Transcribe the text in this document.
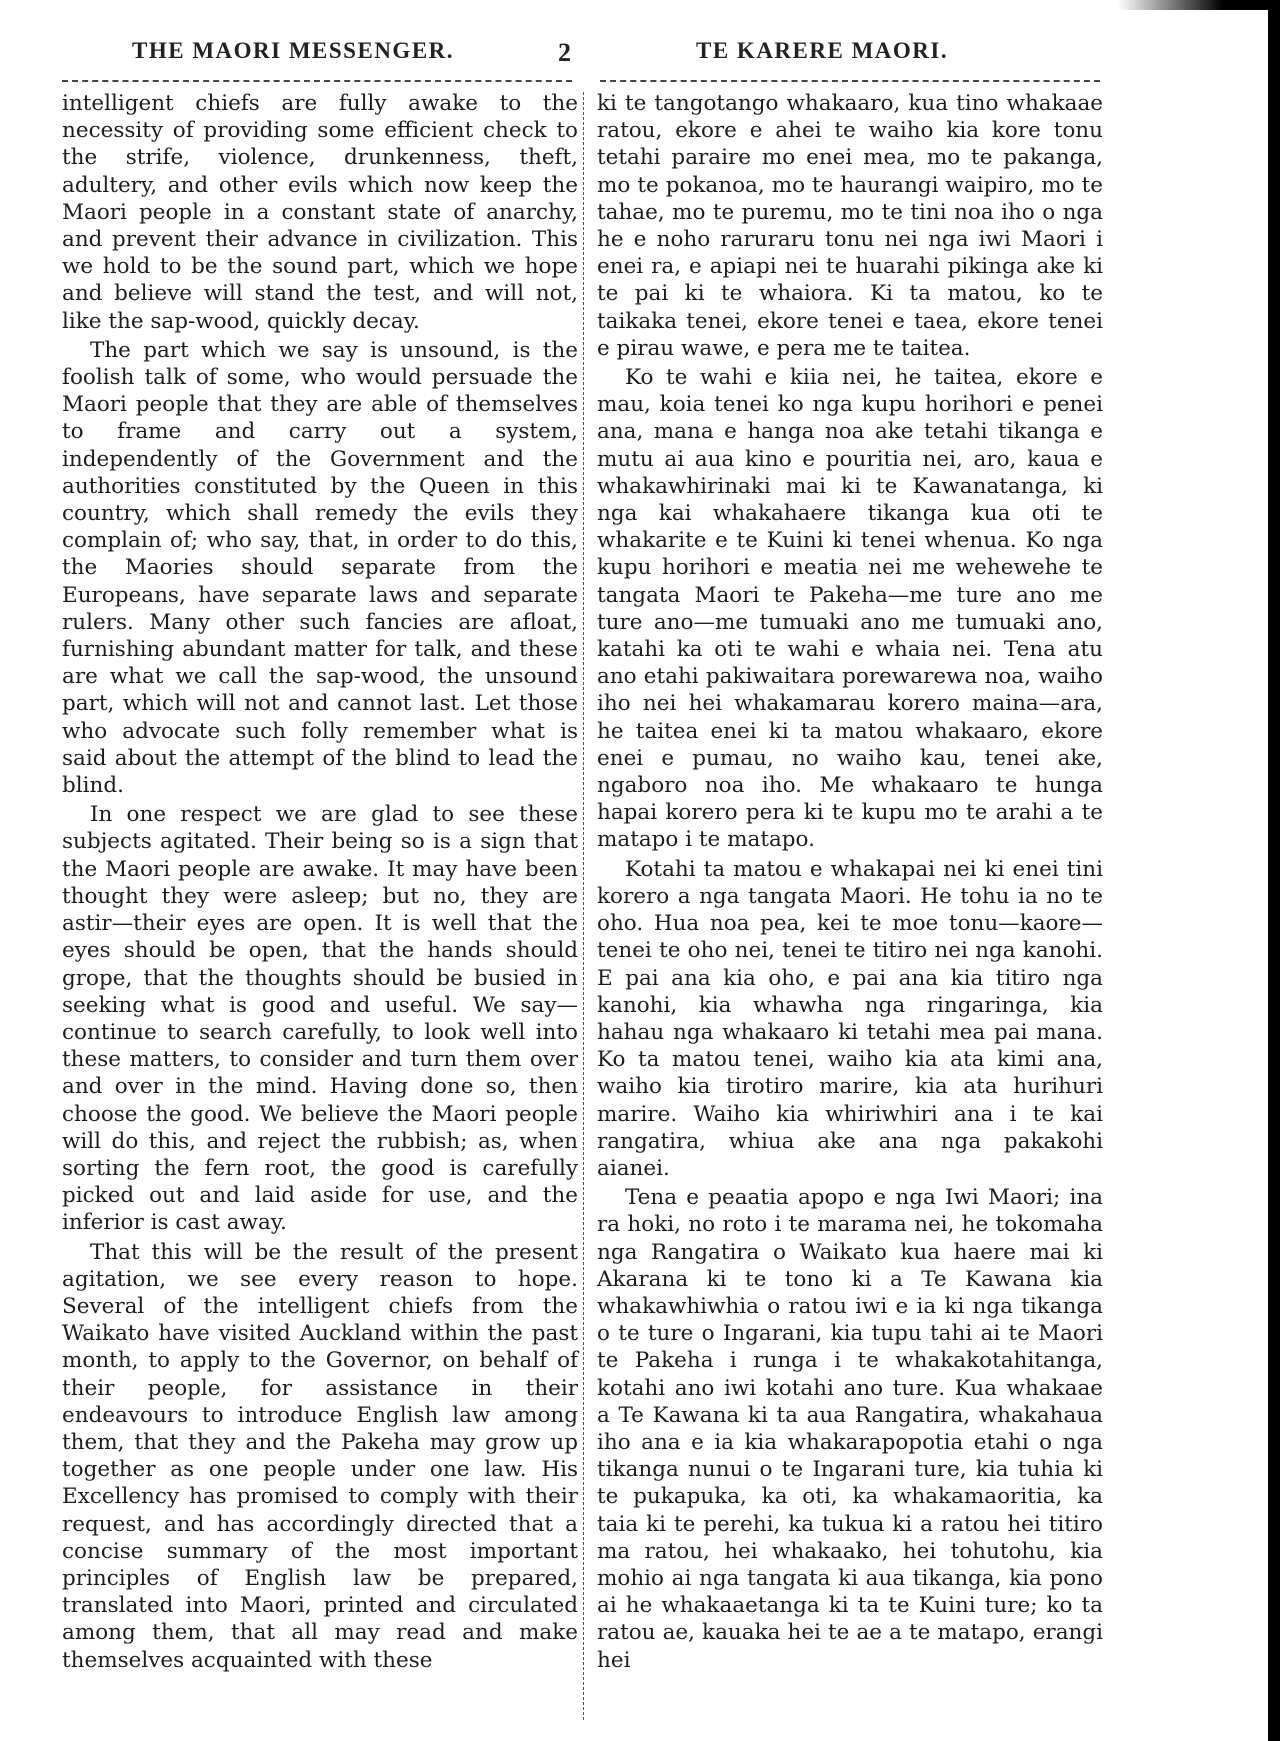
THE MAORI MESSENGER.	2	TE KARERE MAORI.

intelligent chiefs are fully awake to the necessity of providing some efficient check to the strife, violence, drunkenness, theft, adultery, and other evils which now keep the Maori people in a constant state of anarchy, and prevent their advance in civilization. This we hold to be the sound part, which we hope and believe will stand the test, and will not, like the sap-wood, quickly decay.

The part which we say is unsound, is the foolish talk of some, who would persuade the Maori people that they are able of themselves to frame and carry out a system, independently of the Government and the authorities constituted by the Queen in this country, which shall remedy the evils they complain of; who say, that, in order to do this, the Maories should separate from the Europeans, have separate laws and separate rulers. Many other such fancies are afloat, furnishing abundant matter for talk, and these are what we call the sap-wood, the unsound part, which will not and cannot last. Let those who advocate such folly remember what is said about the attempt of the blind to lead the blind.

In one respect we are glad to see these subjects agitated. Their being so is a sign that the Maori people are awake. It may have been thought they were asleep; but no, they are astir—their eyes are open. It is well that the eyes should be open, that the hands should grope, that the thoughts should be busied in seeking what is good and useful. We say—continue to search carefully, to look well into these matters, to consider and turn them over and over in the mind. Having done so, then choose the good. We believe the Maori people will do this, and reject the rubbish; as, when sorting the fern root, the good is carefully picked out and laid aside for use, and the inferior is cast away.

That this will be the result of the present agitation, we see every reason to hope. Several of the intelligent chiefs from the Waikato have visited Auckland within the past month, to apply to the Governor, on behalf of their people, for assistance in their endeavours to introduce English law among them, that they and the Pakeha may grow up together as one people under one law. His Excellency has promised to comply with their request, and has accordingly directed that a concise summary of the most important principles of English law be prepared, translated into Maori, printed and circulated among them, that all may read and make themselves acquainted with these

ki te tangotango whakaaro, kua tino whakaae ratou, ekore e ahei te waiho kia kore tonu tetahi paraire mo enei mea, mo te pakanga, mo te pokanoa, mo te haurangi waipiro, mo te tahae, mo te puremu, mo te tini noa iho o nga he e noho raruraru tonu nei nga iwi Maori i enei ra, e apiapi nei te huarahi pikinga ake ki te pai ki te whaiora. Ki ta matou, ko te taikaka tenei, ekore tenei e taea, ekore tenei e pirau wawe, e pera me te taitea.

Ko te wahi e kiia nei, he taitea, ekore e mau, koia tenei ko nga kupu horihori e penei ana, mana e hanga noa ake tetahi tikanga e mutu ai aua kino e pouritia nei, aro, kaua e whakawhirinaki mai ki te Kawanatanga, ki nga kai whakahaere tikanga kua oti te whakarite e te Kuini ki tenei whenua. Ko nga kupu horihori e meatia nei me wehewehe te tangata Maori te Pakeha—me ture ano me ture ano—me tumuaki ano me tumuaki ano, katahi ka oti te wahi e whaia nei. Tena atu ano etahi pakiwaitara porewarewa noa, waiho iho nei hei whakamarau korero maina—ara, he taitea enei ki ta matou whakaaro, ekore enei e pumau, no waiho kau, tenei ake, ngaboro noa iho. Me whakaaro te hunga hapai korero pera ki te kupu mo te arahi a te matapo i te matapo.

Kotahi ta matou e whakapai nei ki enei tini korero a nga tangata Maori. He tohu ia no te oho. Hua noa pea, kei te moe tonu—kaore—tenei te oho nei, tenei te titiro nei nga kanohi. E pai ana kia oho, e pai ana kia titiro nga kanohi, kia whawha nga ringaringa, kia hahau nga whakaaro ki tetahi mea pai mana. Ko ta matou tenei, waiho kia ata kimi ana, waiho kia tirotiro marire, kia ata hurihuri marire. Waiho kia whiriwhiri ana i te kai rangatira, whiua ake ana nga pakakohi aianei.

Tena e peaatia apopo e nga Iwi Maori; ina ra hoki, no roto i te marama nei, he tokomaha nga Rangatira o Waikato kua haere mai ki Akarana ki te tono ki a Te Kawana kia whakawhiwhia o ratou iwi e ia ki nga tikanga o te ture o Ingarani, kia tupu tahi ai te Maori te Pakeha i runga i te whakakotahitanga, kotahi ano iwi kotahi ano ture. Kua whakaae a Te Kawana ki ta aua Rangatira, whakahaua iho ana e ia kia whakarapopotia etahi o nga tikanga nunui o te Ingarani ture, kia tuhia ki te pukapuka, ka oti, ka whakamaoritia, ka taia ki te perehi, ka tukua ki a ratou hei titiro ma ratou, hei whakaako, hei tohutohu, kia mohio ai nga tangata ki aua tikanga, kia pono ai he whakaaetanga ki ta te Kuini ture; ko ta ratou ae, kauaka hei te ae a te matapo, erangi hei
